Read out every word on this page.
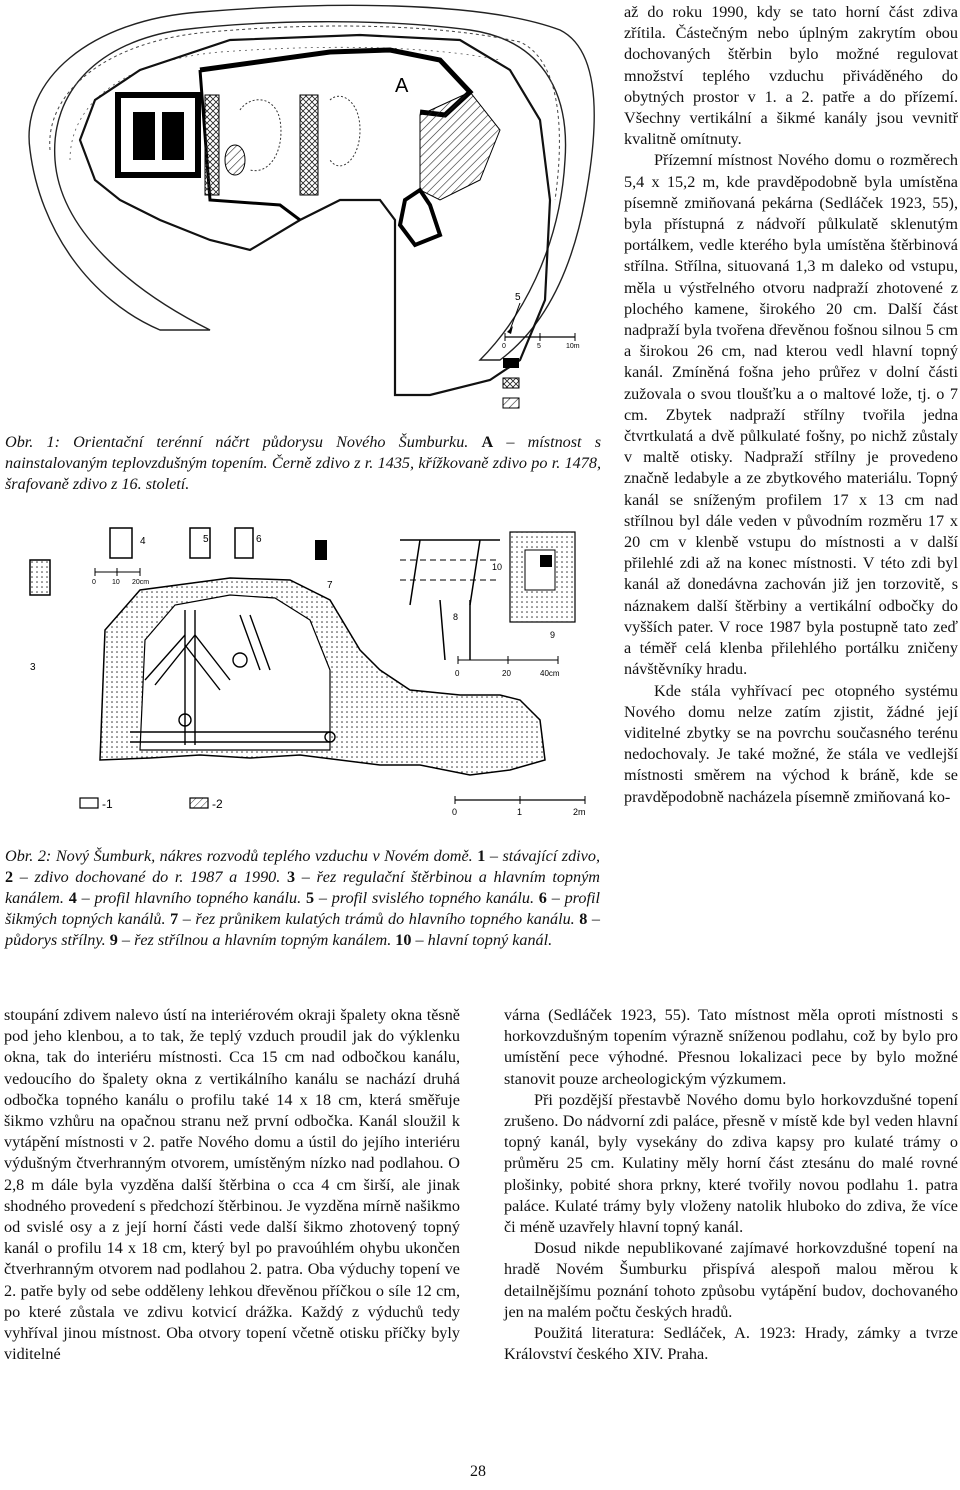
A
5
0	5	10m
Obr. 1: Orientační terénní náčrt půdorysu Nového Šumburku. A – místnost s nainstalovaným teplovzdušným topením. Černě zdivo z r. 1435, křížkovaně zdivo po r. 1478, šrafovaně zdivo z 16. století.
4	5	6
0 10 20cm
3
7
10
8
9
0	20	40cm
-1	-2
0	1	2m
Obr. 2: Nový Šumburk, nákres rozvodů teplého vzduchu v Novém domě. 1 – stávající zdivo, 2 – zdivo dochované do r. 1987 a 1990. 3 – řez regulační štěrbinou a hlavním topným kanálem. 4 – profil hlavního topného kanálu. 5 – profil svislého topného kanálu. 6 – profil šikmých topných kanálů. 7 – řez průnikem kulatých trámů do hlavního topného kanálu. 8 – půdorys střílny. 9 – řez střílnou a hlavním topným kanálem. 10 – hlavní topný kanál.

až do roku 1990, kdy se tato horní část zdiva zřítila. Částečným nebo úplným zakrytím obou dochovaných štěrbin bylo možné regulovat množství teplého vzduchu přiváděného do obytných prostor v 1. a 2. patře a do přízemí. Všechny vertikální a šikmé kanály jsou vevnitř kvalitně omítnuty.

Přízemní místnost Nového domu o rozměrech 5,4 x 15,2 m, kde pravděpodobně byla umístěna písemně zmiňovaná pekárna (Sedláček 1923, 55), byla přístupná z nádvoří půlkulatě sklenutým portálkem, vedle kterého byla umístěna štěrbinová střílna. Střílna, situovaná 1,3 m daleko od vstupu, měla u výstřelného otvoru nadpraží zhotovené z plochého kamene, širokého 20 cm. Další část nadpraží byla tvořena dřevěnou fošnou silnou 5 cm a širokou 26 cm, nad kterou vedl hlavní topný kanál. Zmíněná fošna jeho průřez v dolní části zužovala o svou tloušťku a o maltové lože, tj. o 7 cm. Zbytek nadpraží střílny tvořila jedna čtvrtkulatá a dvě půlkulaté fošny, po nichž zůstaly v maltě otisky. Nadpraží střílny je provedeno značně ledabyle a ze zbytkového materiálu. Topný kanál se sníženým profilem 17 x 13 cm nad střílnou byl dále veden v původním rozměru 17 x 20 cm v klenbě vstupu do místnosti a v další přilehlé zdi až na konec místnosti. V této zdi byl kanál až donedávna zachován již jen torzovitě, s náznakem další štěrbiny a vertikální odbočky do vyšších pater. V roce 1987 byla postupně tato zeď a téměř celá klenba přilehlého portálku zničeny návštěvníky hradu.

Kde stála vyhřívací pec otopného systému Nového domu nelze zatím zjistit, žádné její viditelné zbytky se na povrchu současného terénu nedochovaly. Je také možné, že stála ve vedlejší místnosti směrem na východ k bráně, kde se pravděpodobně nacházela písemně zmiňovaná ko-

stoupání zdivem nalevo ústí na interiérovém okraji špalety okna těsně pod jeho klenbou, a to tak, že teplý vzduch proudil jak do výklenku okna, tak do interiéru místnosti. Cca 15 cm nad odbočkou kanálu, vedoucího do špalety okna z vertikálního kanálu se nachází druhá odbočka topného kanálu o profilu také 14 x 18 cm, která směřuje šikmo vzhůru na opačnou stranu než první odbočka. Kanál sloužil k vytápění místnosti v 2. patře Nového domu a ústil do jejího interiéru výdušným čtverhranným otvorem, umístěným nízko nad podlahou. O 2,8 m dále byla vyzděna další štěrbina o cca 4 cm širší, ale jinak shodného provedení s předchozí štěrbinou. Je vyzděna mírně našikmo od svislé osy a z její horní části vede další šikmo zhotovený topný kanál o profilu 14 x 18 cm, který byl po pravoúhlém ohybu ukončen čtverhranným otvorem nad podlahou 2. patra. Oba výduchy topení ve 2. patře byly od sebe odděleny lehkou dřevěnou příčkou o síle 12 cm, po které zůstala ve zdivu kotvicí drážka. Každý z výduchů tedy vyhříval jinou místnost. Oba otvory topení včetně otisku příčky byly viditelné

várna (Sedláček 1923, 55). Tato místnost měla oproti místnosti s horkovzdušným topením výrazně sníženou podlahu, což by bylo pro umístění pece výhodné. Přesnou lokalizaci pece by bylo možné stanovit pouze archeologickým výzkumem.

Při pozdější přestavbě Nového domu bylo horkovzdušné topení zrušeno. Do nádvorní zdi paláce, přesně v místě kde byl veden hlavní topný kanál, byly vysekány do zdiva kapsy pro kulaté trámy o průměru 25 cm. Kulatiny měly horní část ztesánu do malé rovné plošinky, pobité shora prkny, které tvořily novou podlahu 1. patra paláce. Kulaté trámy byly vloženy natolik hluboko do zdiva, že více či méně uzavřely hlavní topný kanál.

Dosud nikde nepublikované zajímavé horkovzdušné topení na hradě Novém Šumburku přispívá alespoň malou měrou k detailnějšímu poznání tohoto způsobu vytápění budov, dochovaného jen na malém počtu českých hradů.

Použitá literatura: Sedláček, A. 1923: Hrady, zámky a tvrze Království českého XIV. Praha.

28
